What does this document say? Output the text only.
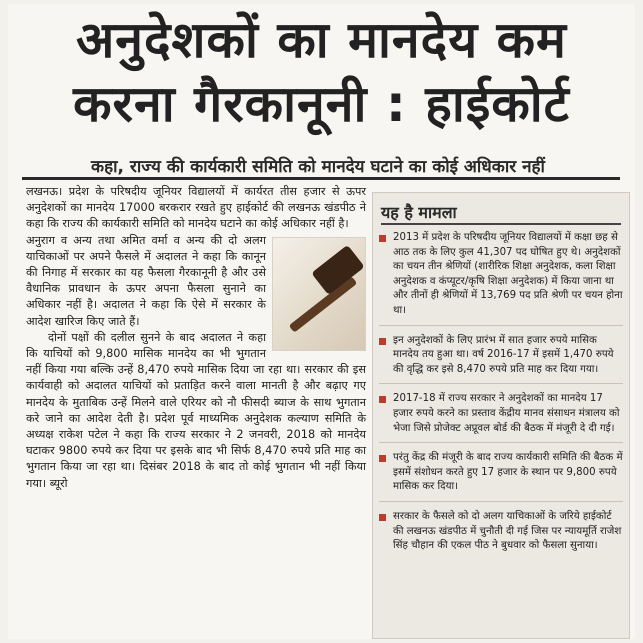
अनुदेशकों का मानदेय कम
करना गैरकानूनी : हाईकोर्ट
कहा, राज्य की कार्यकारी समिति को मानदेय घटाने का कोई अधिकार नहीं

लखनऊ। प्रदेश के परिषदीय जूनियर विद्यालयों में कार्यरत तीस हजार से ऊपर अनुदेशकों का मानदेय 17000 बरकरार रखते हुए हाईकोर्ट की लखनऊ खंडपीठ ने कहा कि राज्य की कार्यकारी समिति को मानदेय घटाने का कोई अधिकार नहीं है।

अनुराग व अन्य तथा अमित वर्मा व अन्य की दो अलग याचिकाओं पर अपने फैसले में अदालत ने कहा कि कानून की निगाह में सरकार का यह फैसला गैरकानूनी है और उसे वैधानिक प्रावधान के ऊपर अपना फैसला सुनाने का अधिकार नहीं है। अदालत ने कहा कि ऐसे में सरकार के आदेश खारिज किए जाते हैं।

दोनों पक्षों की दलील सुनने के बाद अदालत ने कहा कि याचियों को 9,800 मासिक मानदेय का भी भुगतान नहीं किया गया बल्कि उन्हें 8,470 रुपये मासिक दिया जा रहा था। सरकार की इस कार्यवाही को अदालत याचियों को प्रताड़ित करने वाला मानती है और बढ़ाए गए मानदेय के मुताबिक उन्हें मिलने वाले एरियर को नौ फीसदी ब्याज के साथ भुगतान करे जाने का आदेश देती है। प्रदेश पूर्व माध्यमिक अनुदेशक कल्याण समिति के अध्यक्ष राकेश पटेल ने कहा कि राज्य सरकार ने 2 जनवरी, 2018 को मानदेय घटाकर 9800 रुपये कर दिया पर इसके बाद भी सिर्फ 8,470 रुपये प्रति माह का भुगतान किया जा रहा था। दिसंबर 2018 के बाद तो कोई भुगतान भी नहीं किया गया। ब्यूरो

यह है मामला
2013 में प्रदेश के परिषदीय जूनियर विद्यालयों में कक्षा छह से आठ तक के लिए कुल 41,307 पद घोषित हुए थे। अनुदेशकों का चयन तीन श्रेणियों (शारीरिक शिक्षा अनुदेशक, कला शिक्षा अनुदेशक व कंप्यूटर/कृषि शिक्षा अनुदेशक) में किया जाना था और तीनों ही श्रेणियों में 13,769 पद प्रति श्रेणी पर चयन होना था।
इन अनुदेशकों के लिए प्रारंभ में सात हजार रुपये मासिक मानदेय तय हुआ था। वर्ष 2016-17 में इसमें 1,470 रुपये की वृद्धि कर इसे 8,470 रुपये प्रति माह कर दिया गया।
2017-18 में राज्य सरकार ने अनुदेशकों का मानदेय 17 हजार रुपये करने का प्रस्ताव केंद्रीय मानव संसाधन मंत्रालय को भेजा जिसे प्रोजेक्ट अप्रूवल बोर्ड की बैठक में मंजूरी दे दी गई।
परंतु केंद्र की मंजूरी के बाद राज्य कार्यकारी समिति की बैठक में इसमें संशोधन करते हुए 17 हजार के स्थान पर 9,800 रुपये मासिक कर दिया।
सरकार के फैसले को दो अलग याचिकाओं के जरिये हाईकोर्ट की लखनऊ खंडपीठ में चुनौती दी गई जिस पर न्यायमूर्ति राजेश सिंह चौहान की एकल पीठ ने बुधवार को फैसला सुनाया।
